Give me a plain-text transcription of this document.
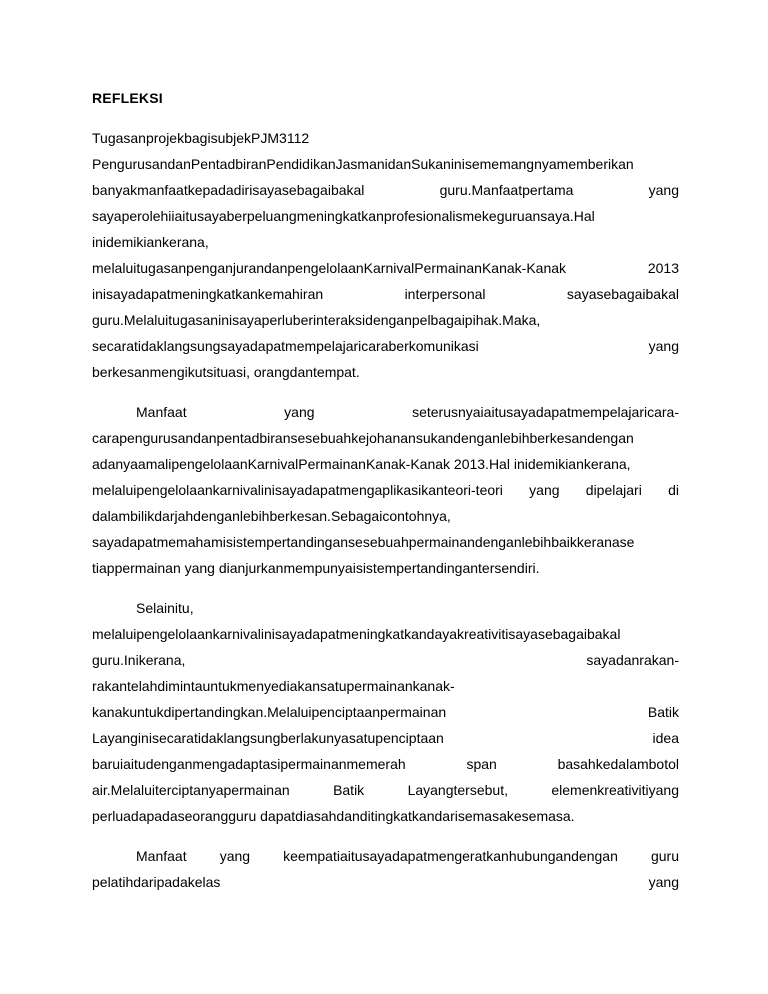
REFLEKSI
TugasanprojekbagisubjekPJM3112
PengurusandanPentadbiranPendidikanJasmanidanSukaninisememangnyamemberikan
banyakmanfaatkepadadirisayasebagaibakal	guru.Manfaatpertama	yang
sayaperolehiiaitusayaberpeluangmeningkatkanprofesionalismekeguruansaya.Hal
inidemikiankerana,
melaluitugasanpenganjurandanpengelolaanKarnivalPermainanKanak-Kanak	2013
inisayadapatmeningkatkankemahiran	interpersonal	sayasebagaibakal
guru.Melaluitugasaninisayaperluberinteraksidenganpelbagaipihak.Maka,
secaratidaklangsungsayadapatmempelajaricaraberkomunikasi	yang
berkesanmengikutsituasi, orangdantempat.
Manfaat	yang	seterusnyaiaitusayadapatmempelajaricara-
carapengurusandanpentadbiransesebuahkejohanansukandenganlebihberkesandengan
adanyaamalipengelolaanKarnivalPermainanKanak-Kanak 2013.Hal inidemikiankerana,
melaluipengelolaankarnivalinisayadapatmengaplikasikanteori-teori yang dipelajari di
dalambilikdarjahdenganlebihberkesan.Sebagaicontohnya,
sayadapatmemahamisistempertandingansesebuahpermainandenganlebihbaikkeranase
tiappermainan yang dianjurkanmempunyaisistempertandingantersendiri.
Selainitu,
melaluipengelolaankarnivalinisayadapatmeningkatkandayakreativitisayasebagaibakal
guru.Inikerana,	sayadanrakan-
rakantelahdimintauntukmenyediakansatupermainankanak-
kanakuntukdipertandingkan.Melaluipenciptaanpermainan	Batik
Layanginisecaratidaklangsungberlakunyasatupenciptaan	idea
baruiaitudenganmengadaptasipermainanmemerah	span	basahkedalambotol
air.Melaluiterciptanyapermainan	Batik	Layangtersebut,	elemenkreativitiyang
perluadapadaseorangguru dapatdiasahdanditingkatkandarisemasakesemasa.
Manfaat yang keempatiaitusayadapatmengeratkanhubungandengan guru
pelatihdaripadakelas	yang
